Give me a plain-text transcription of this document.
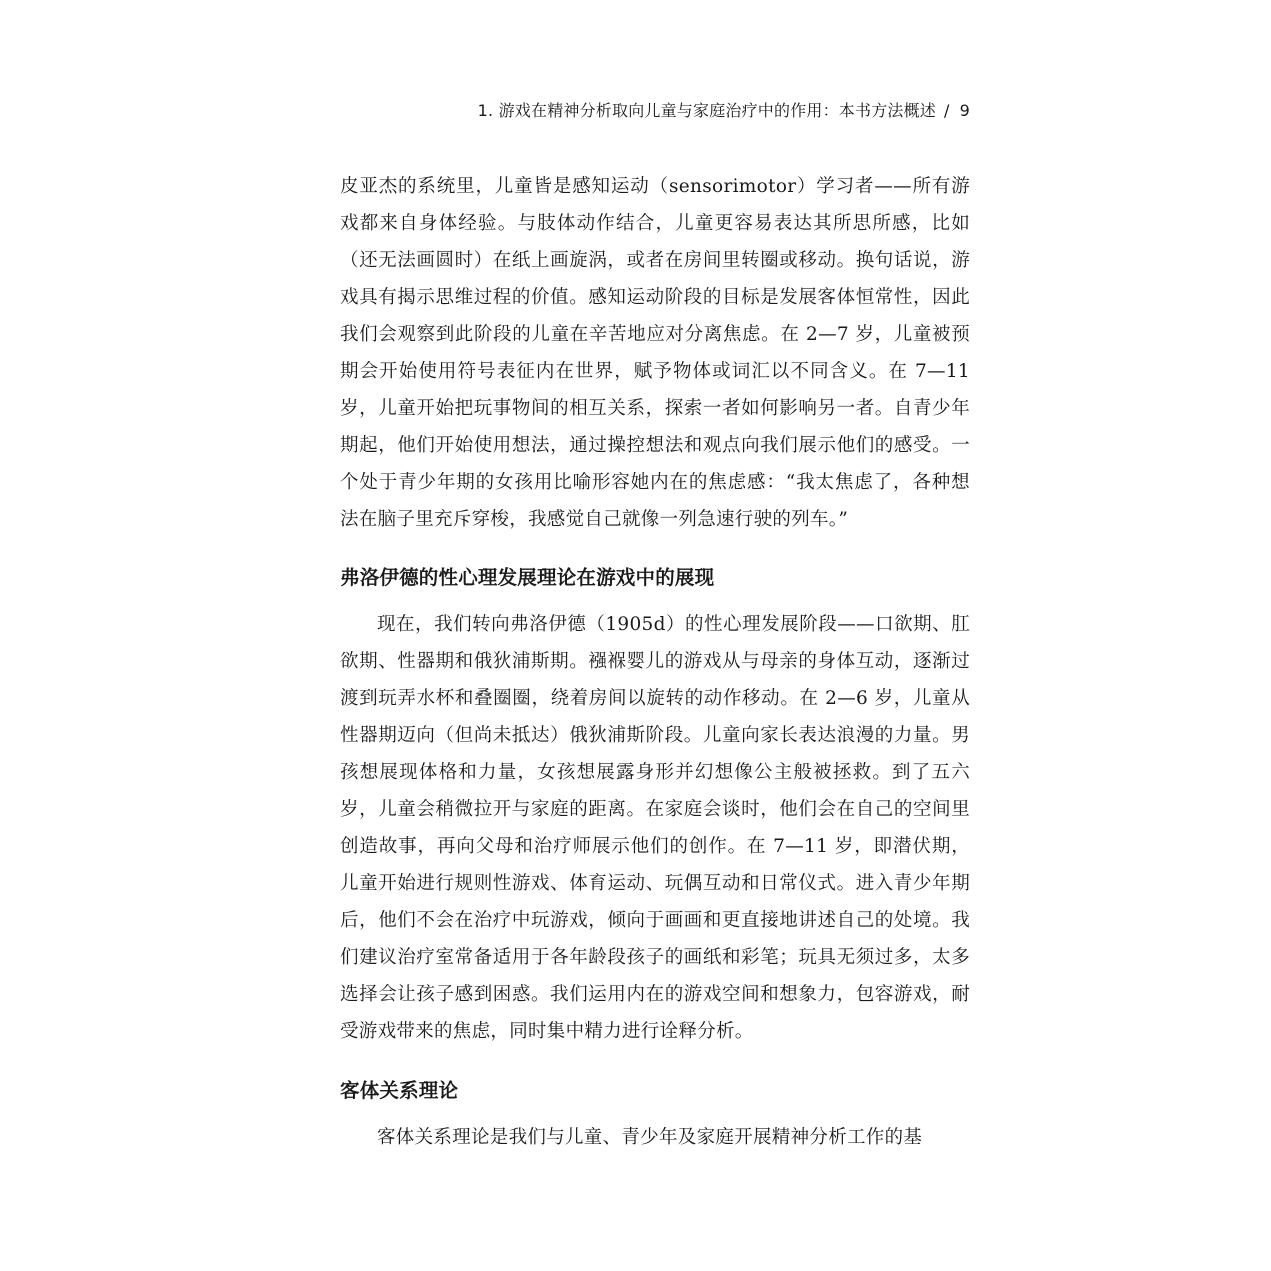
1. 游戏在精神分析取向儿童与家庭治疗中的作用：本书方法概述 / 9

皮亚杰的系统里，儿童皆是感知运动（sensorimotor）学习者——所有游戏都来自身体经验。与肢体动作结合，儿童更容易表达其所思所感，比如（还无法画圆时）在纸上画旋涡，或者在房间里转圈或移动。换句话说，游戏具有揭示思维过程的价值。感知运动阶段的目标是发展客体恒常性，因此我们会观察到此阶段的儿童在辛苦地应对分离焦虑。在 2—7 岁，儿童被预期会开始使用符号表征内在世界，赋予物体或词汇以不同含义。在 7—11 岁，儿童开始把玩事物间的相互关系，探索一者如何影响另一者。自青少年期起，他们开始使用想法，通过操控想法和观点向我们展示他们的感受。一个处于青少年期的女孩用比喻形容她内在的焦虑感：“我太焦虑了，各种想法在脑子里充斥穿梭，我感觉自己就像一列急速行驶的列车。”

弗洛伊德的性心理发展理论在游戏中的展现

现在，我们转向弗洛伊德（1905d）的性心理发展阶段——口欲期、肛欲期、性器期和俄狄浦斯期。襁褓婴儿的游戏从与母亲的身体互动，逐渐过渡到玩弄水杯和叠圈圈，绕着房间以旋转的动作移动。在 2—6 岁，儿童从性器期迈向（但尚未抵达）俄狄浦斯阶段。儿童向家长表达浪漫的力量。男孩想展现体格和力量，女孩想展露身形并幻想像公主般被拯救。到了五六岁，儿童会稍微拉开与家庭的距离。在家庭会谈时，他们会在自己的空间里创造故事，再向父母和治疗师展示他们的创作。在 7—11 岁，即潜伏期，儿童开始进行规则性游戏、体育运动、玩偶互动和日常仪式。进入青少年期后，他们不会在治疗中玩游戏，倾向于画画和更直接地讲述自己的处境。我们建议治疗室常备适用于各年龄段孩子的画纸和彩笔；玩具无须过多，太多选择会让孩子感到困惑。我们运用内在的游戏空间和想象力，包容游戏，耐受游戏带来的焦虑，同时集中精力进行诠释分析。

客体关系理论

客体关系理论是我们与儿童、青少年及家庭开展精神分析工作的基
